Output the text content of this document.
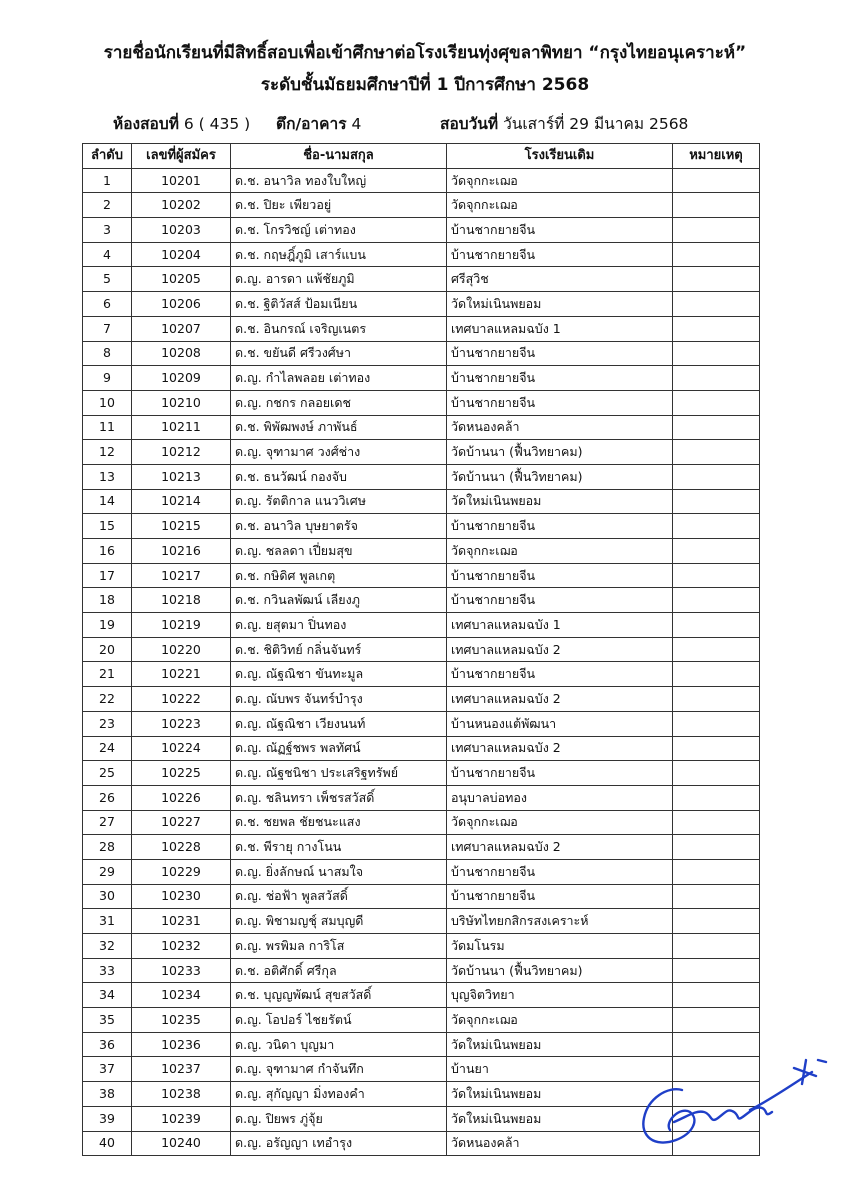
รายชื่อนักเรียนที่มีสิทธิ์สอบเพื่อเข้าศึกษาต่อโรงเรียนทุ่งศุขลาพิทยา “กรุงไทยอนุเคราะห์”
ระดับชั้นมัธยมศึกษาปีที่ 1 ปีการศึกษา 2568
ห้องสอบที่ 6 ( 435 ) ตึก/อาคาร 4	สอบวันที่ วันเสาร์ที่ 29 มีนาคม 2568
ลำดับ	เลขที่ผู้สมัคร	ชื่อ-นามสกุล	โรงเรียนเดิม	หมายเหตุ
1	10201	ด.ช. อนาวิล ทองใบใหญ่	วัดจุกกะเฌอ	
2	10202	ด.ช. ปิยะ เพียวอยู่	วัดจุกกะเฌอ	
3	10203	ด.ช. โกรวิชญ์ เต่าทอง	บ้านชากยายจีน	
4	10204	ด.ช. กฤษฎิ์ภูมิ เสาร์แบน	บ้านชากยายจีน	
5	10205	ด.ญ. อารดา แพ้ชัยภูมิ	ศรีสุวิช	
6	10206	ด.ช. ฐิติวัสส์ ป้อมเนียน	วัดใหม่เนินพยอม	
7	10207	ด.ช. อินกรณ์ เจริญเนตร	เทศบาลแหลมฉบัง 1	
8	10208	ด.ช. ขยันดี ศรีวงศ์ษา	บ้านชากยายจีน	
9	10209	ด.ญ. กำไลพลอย เต่าทอง	บ้านชากยายจีน	
10	10210	ด.ญ. กชกร กลอยเดช	บ้านชากยายจีน	
11	10211	ด.ช. พิพัฒพงษ์ ภาพันธ์	วัดหนองคล้า	
12	10212	ด.ญ. จุฑามาศ วงศ์ช่าง	วัดบ้านนา (ฟื้นวิทยาคม)	
13	10213	ด.ช. ธนวัฒน์ กองจับ	วัดบ้านนา (ฟื้นวิทยาคม)	
14	10214	ด.ญ. รัตติกาล แนววิเศษ	วัดใหม่เนินพยอม	
15	10215	ด.ช. อนาวิล บุษยาตรัจ	บ้านชากยายจีน	
16	10216	ด.ญ. ชลลดา เปี่ยมสุข	วัดจุกกะเฌอ	
17	10217	ด.ช. กษิดิศ พูลเกตุ	บ้านชากยายจีน	
18	10218	ด.ช. กวินลพัฒน์ เลียงภู	บ้านชากยายจีน	
19	10219	ด.ญ. ยสุตมา ปิ่นทอง	เทศบาลแหลมฉบัง 1	
20	10220	ด.ช. ชิติวิทย์ กลิ่นจันทร์	เทศบาลแหลมฉบัง 2	
21	10221	ด.ญ. ณัฐณิชา ขันทะมูล	บ้านชากยายจีน	
22	10222	ด.ญ. ณับพร จันทร์บำรุง	เทศบาลแหลมฉบัง 2	
23	10223	ด.ญ. ณัฐณิชา เวียงนนท์	บ้านหนองแต้พัฒนา	
24	10224	ด.ญ. ณัฏฐ์ชพร พลทัศน์	เทศบาลแหลมฉบัง 2	
25	10225	ด.ญ. ณัฐชนิชา ประเสริฐทรัพย์	บ้านชากยายจีน	
26	10226	ด.ญ. ชลินทรา เพ็ชรสวัสดิ์	อนุบาลบ่อทอง	
27	10227	ด.ช. ชยพล ชัยชนะแสง	วัดจุกกะเฌอ	
28	10228	ด.ช. พีรายุ กางโนน	เทศบาลแหลมฉบัง 2	
29	10229	ด.ญ. ยิ่งลักษณ์ นาสมใจ	บ้านชากยายจีน	
30	10230	ด.ญ. ช่อฟ้า พูลสวัสดิ์	บ้านชากยายจีน	
31	10231	ด.ญ. พิชามญชุ์ สมบุญดี	บริษัทไทยกสิกรสงเคราะห์	
32	10232	ด.ญ. พรพิมล การิโส	วัดมโนรม	
33	10233	ด.ช. อติศักดิ์ ศรีกุล	วัดบ้านนา (ฟื้นวิทยาคม)	
34	10234	ด.ช. บุญญพัฒน์ สุขสวัสดิ์	บุญจิตวิทยา	
35	10235	ด.ญ. โอปอร์ ไชยรัตน์	วัดจุกกะเฌอ	
36	10236	ด.ญ. วนิดา บุญมา	วัดใหม่เนินพยอม	
37	10237	ด.ญ. จุฑามาศ กำจันทึก	บ้านยา	
38	10238	ด.ญ. สุกัญญา มิ่งทองคำ	วัดใหม่เนินพยอม	
39	10239	ด.ญ. ปิยพร ภู่จุ้ย	วัดใหม่เนินพยอม	
40	10240	ด.ญ. อรัญญา เทอำรุง	วัดหนองคล้า	
